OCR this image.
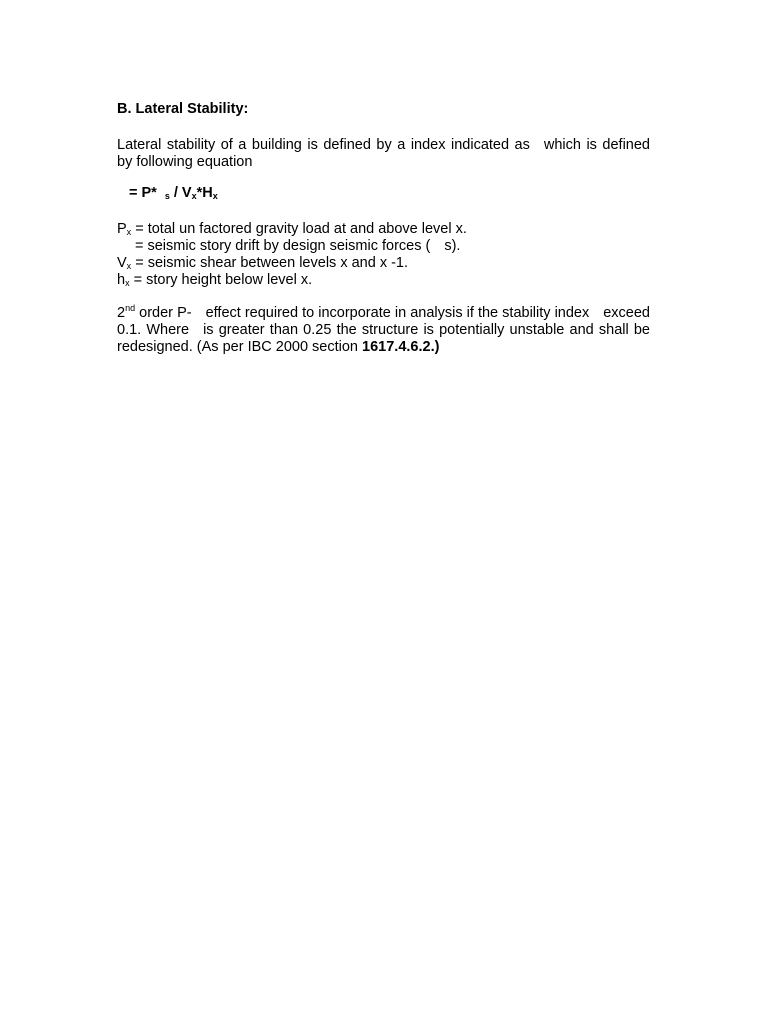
B. Lateral Stability:
Lateral stability of a building is defined by a index indicated as which is defined by following equation
= P* $_s / V_x*H_x$
$P_x$ = total un factored gravity load at and above level x.
= seismic story drift by design seismic forces ( s).
$V_x$ = seismic shear between levels x and x -1.
$h_x$ = story height below level x.
2nd order P- effect required to incorporate in analysis if the stability index exceed 0.1. Where is greater than 0.25 the structure is potentially unstable and shall be redesigned. (As per IBC 2000 section 1617.4.6.2.)
